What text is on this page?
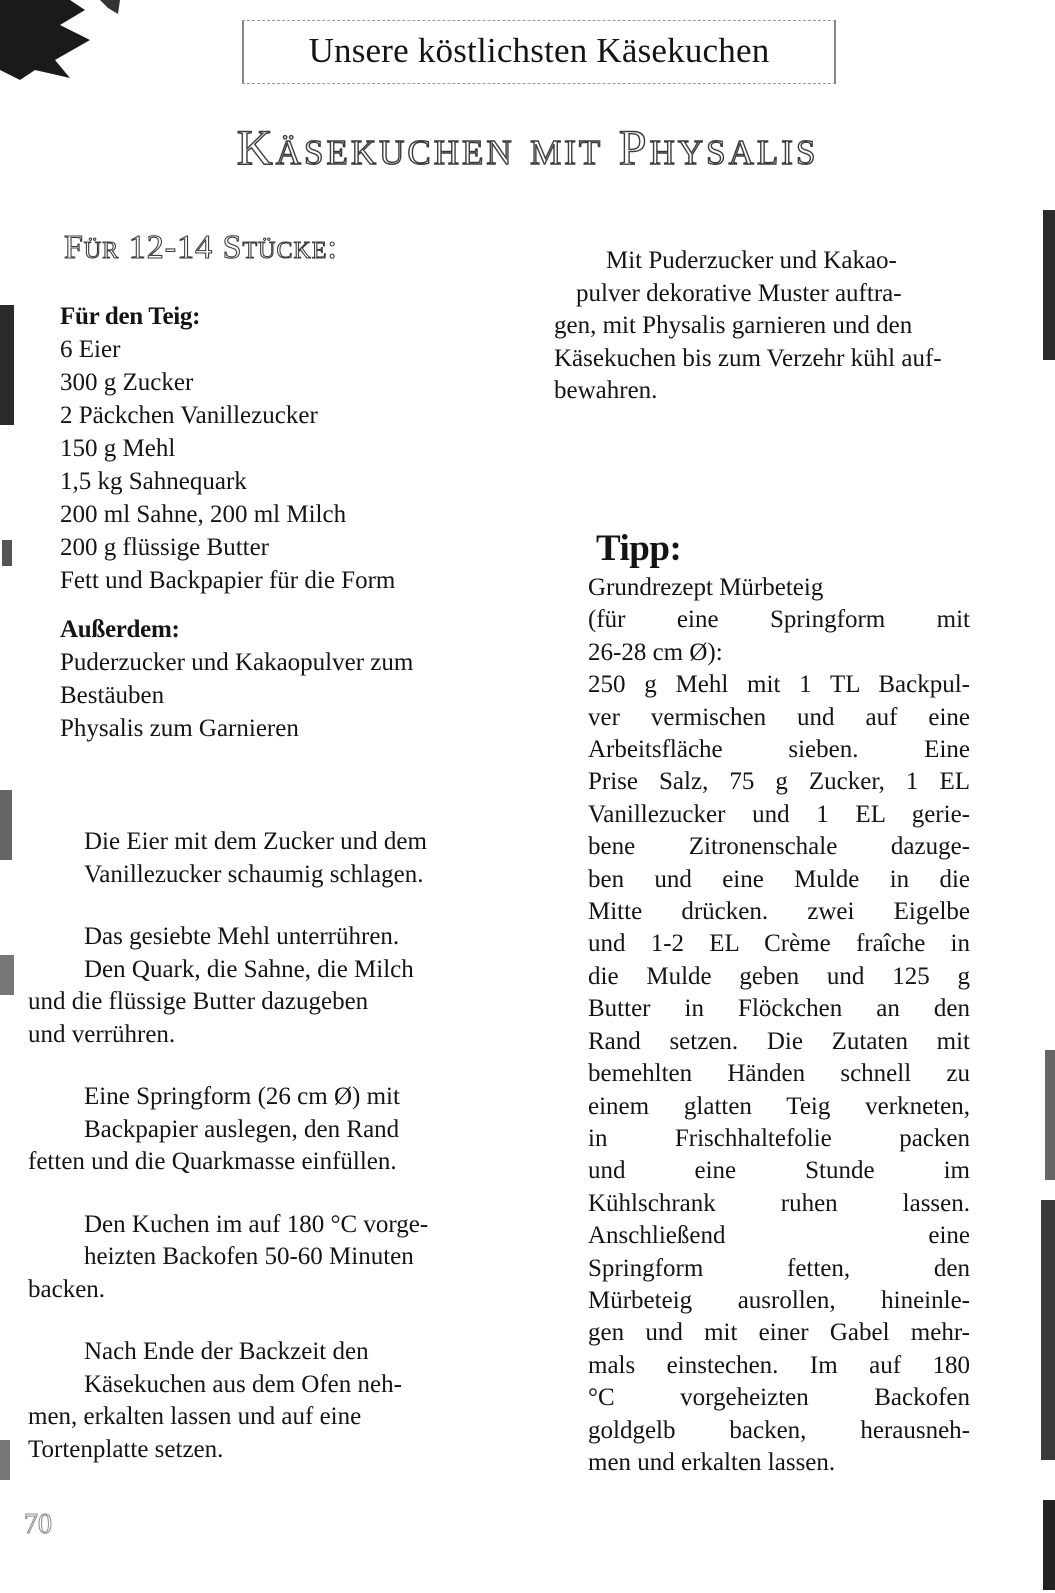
Unsere köstlichsten Käsekuchen
Käsekuchen mit Physalis
Für 12-14 Stücke:
Für den Teig:
6 Eier
300 g Zucker
2 Päckchen Vanillezucker
150 g Mehl
1,5 kg Sahnequark
200 ml Sahne, 200 ml Milch
200 g flüssige Butter
Fett und Backpapier für die Form
Außerdem:
Puderzucker und Kakaopulver zum
Bestäuben
Physalis zum Garnieren
Die Eier mit dem Zucker und dem
Vanillezucker schaumig schlagen.
Das gesiebte Mehl unterrühren.
Den Quark, die Sahne, die Milch
und die flüssige Butter dazugeben
und verrühren.
Eine Springform (26 cm Ø) mit
Backpapier auslegen, den Rand
fetten und die Quarkmasse einfüllen.
Den Kuchen im auf 180 °C vorge-
heizten Backofen 50-60 Minuten
backen.
Nach Ende der Backzeit den
Käsekuchen aus dem Ofen neh-
men, erkalten lassen und auf eine
Tortenplatte setzen.
Mit Puderzucker und Kakao-
pulver dekorative Muster auftra-
gen, mit Physalis garnieren und den
Käsekuchen bis zum Verzehr kühl auf-
bewahren.
Tipp:
Grundrezept Mürbeteig
(für eine Springform mit
26-28 cm Ø):
250 g Mehl mit 1 TL Backpul-
ver vermischen und auf eine
Arbeitsfläche sieben. Eine
Prise Salz, 75 g Zucker, 1 EL
Vanillezucker und 1 EL gerie-
bene Zitronenschale dazuge-
ben und eine Mulde in die
Mitte drücken. zwei Eigelbe
und 1-2 EL Crème fraîche in
die Mulde geben und 125 g
Butter in Flöckchen an den
Rand setzen. Die Zutaten mit
bemehlten Händen schnell zu
einem glatten Teig verkneten,
in Frischhaltefolie packen
und eine Stunde im
Kühlschrank ruhen lassen.
Anschließend eine
Springform fetten, den
Mürbeteig ausrollen, hineinle-
gen und mit einer Gabel mehr-
mals einstechen. Im auf 180
°C vorgeheizten Backofen
goldgelb backen, herausneh-
men und erkalten lassen.
70
